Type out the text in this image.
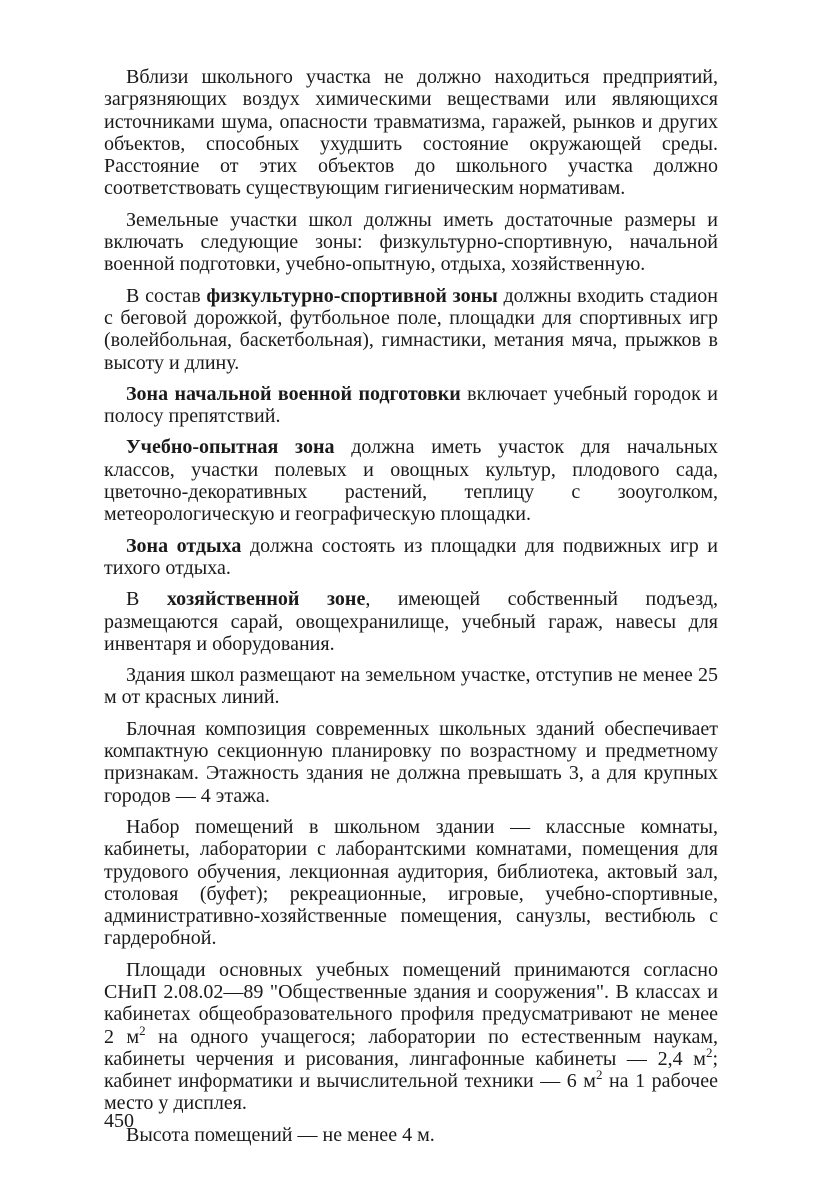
Вблизи школьного участка не должно находиться предприятий, загрязняющих воздух химическими веществами или являющихся источниками шума, опасности травматизма, гаражей, рынков и других объектов, способных ухудшить состояние окружающей среды. Расстояние от этих объектов до школьного участка должно соответствовать существующим гигиеническим нормативам.

Земельные участки школ должны иметь достаточные размеры и включать следующие зоны: физкультурно-спортивную, начальной военной подготовки, учебно-опытную, отдыха, хозяйственную.

В состав физкультурно-спортивной зоны должны входить стадион с беговой дорожкой, футбольное поле, площадки для спортивных игр (волейбольная, баскетбольная), гимнастики, метания мяча, прыжков в высоту и длину.

Зона начальной военной подготовки включает учебный городок и полосу препятствий.

Учебно-опытная зона должна иметь участок для начальных классов, участки полевых и овощных культур, плодового сада, цветочно-декоративных растений, теплицу с зооуголком, метеорологическую и географическую площадки.

Зона отдыха должна состоять из площадки для подвижных игр и тихого отдыха.

В хозяйственной зоне, имеющей собственный подъезд, размещаются сарай, овощехранилище, учебный гараж, навесы для инвентаря и оборудования.

Здания школ размещают на земельном участке, отступив не менее 25 м от красных линий.

Блочная композиция современных школьных зданий обеспечивает компактную секционную планировку по возрастному и предметному признакам. Этажность здания не должна превышать 3, а для крупных городов — 4 этажа.

Набор помещений в школьном здании — классные комнаты, кабинеты, лаборатории с лаборантскими комнатами, помещения для трудового обучения, лекционная аудитория, библиотека, актовый зал, столовая (буфет); рекреационные, игровые, учебно-спортивные, административно-хозяйственные помещения, санузлы, вестибюль с гардеробной.

Площади основных учебных помещений принимаются согласно СНиП 2.08.02—89 "Общественные здания и сооружения". В классах и кабинетах общеобразовательного профиля предусматривают не менее 2 $м^2$ на одного учащегося; лаборатории по естественным наукам, кабинеты черчения и рисования, лингафонные кабинеты — 2,4 $м^2$; кабинет информатики и вычислительной техники — 6 $м^2$ на 1 рабочее место у дисплея.

Высота помещений — не менее 4 м.

450
